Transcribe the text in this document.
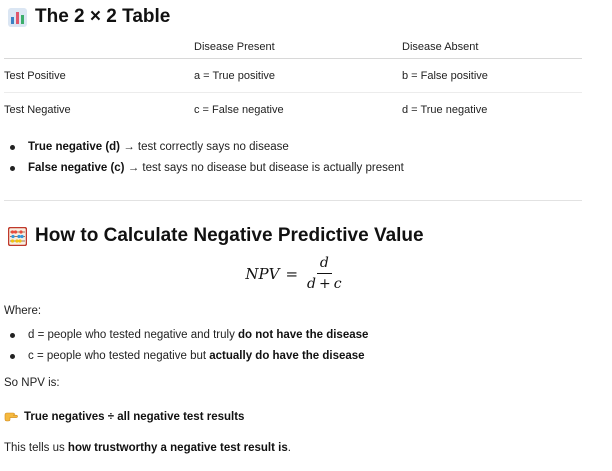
The 2 × 2 Table
	Disease Present	Disease Absent
Test Positive	a = True positive	b = False positive
Test Negative	c = False negative	d = True negative
True negative (d) → test correctly says no disease
False negative (c) → test says no disease but disease is actually present
How to Calculate Negative Predictive Value
NPV = $\frac{d}{d + c}$
Where:
d = people who tested negative and truly do not have the disease
c = people who tested negative but actually do have the disease
So NPV is:
True negatives ÷ all negative test results
This tells us how trustworthy a negative test result is.
